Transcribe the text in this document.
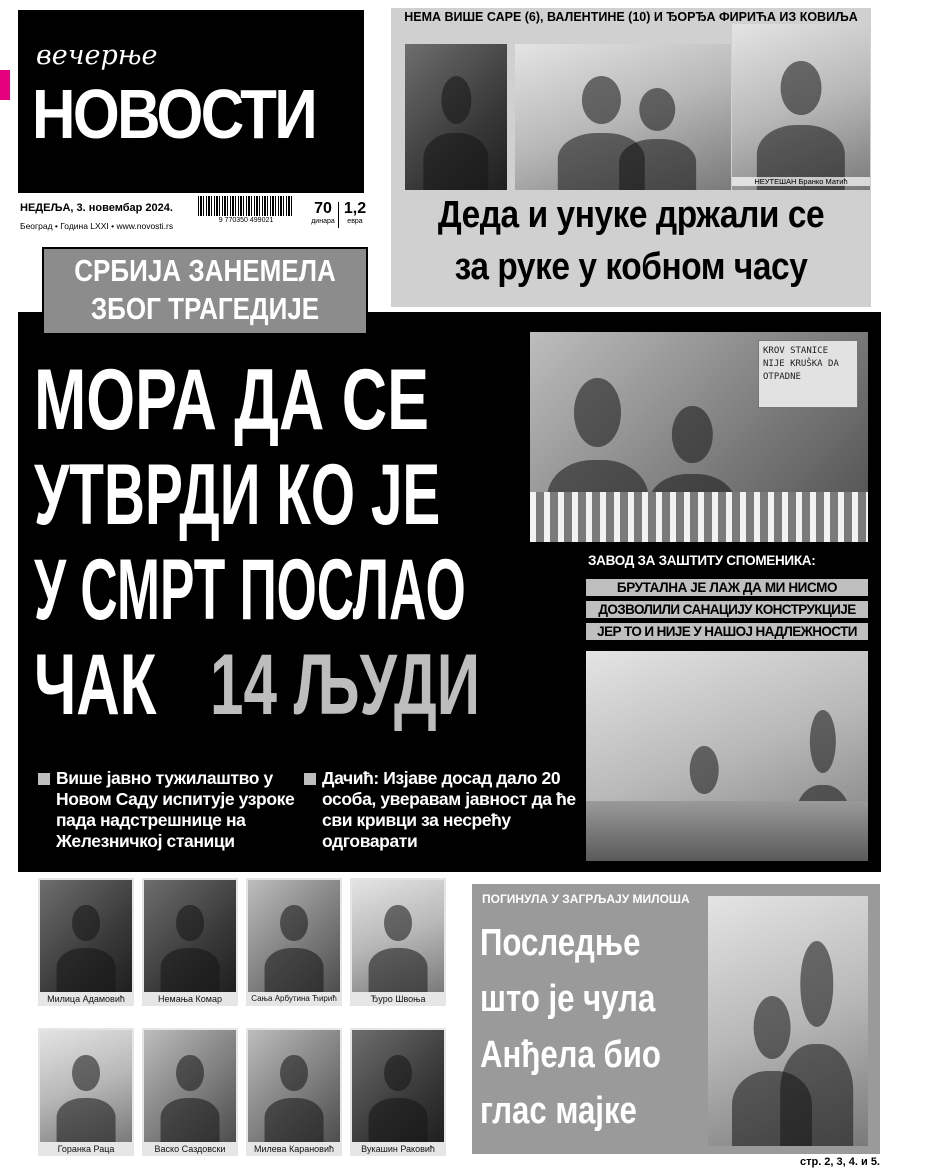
вечерње
НОВОСТИ
НЕДЕЉА, 3. новембар 2024.
Београд • Година LXXI • www.novosti.rs
9 770350 499021
70
динара
1,2
евра
НЕМА ВИШЕ САРЕ (6), ВАЛЕНТИНЕ (10) И ЂОРЂА ФИРИЋА ИЗ КОВИЉА
НЕУТЕШАН Бранко Матић
Деда и унуке држали се
за руке у кобном часу
СРБИЈА ЗАНЕМЕЛА
ЗБОГ ТРАГЕДИЈЕ
МОРА ДА СЕ
УТВРДИ КО ЈЕ
У СМРТ ПОСЛАО
ЧАК 14 ЉУДИ
KROV STANICE NIJE KRUŠKA DA OTPADNE
ЗАВОД ЗА ЗАШТИТУ СПОМЕНИКА:
БРУТАЛНА ЈЕ ЛАЖ ДА МИ НИСМО
ДОЗВОЛИЛИ САНАЦИЈУ КОНСТРУКЦИЈЕ
ЈЕР ТО И НИЈЕ У НАШОЈ НАДЛЕЖНОСТИ
Више јавно тужилаштво у Новом Саду испитује узроке пада надстрешнице на Железничкој станици
Дачић: Изјаве досад дало 20 особа, уверавам јавност да ће сви кривци за несрећу одговарати
Милица Адамовић	Немања Комар	Сања Арбутина Ћирић	Ђуро Швоња
Горанка Раца	Васко Саздовски	Милева Карановић	Вукашин Раковић
ПОГИНУЛА У ЗАГРЉАЈУ МИЛОША
Последње
што је чула
Анђела био
глас мајке
стр. 2, 3, 4. и 5.
